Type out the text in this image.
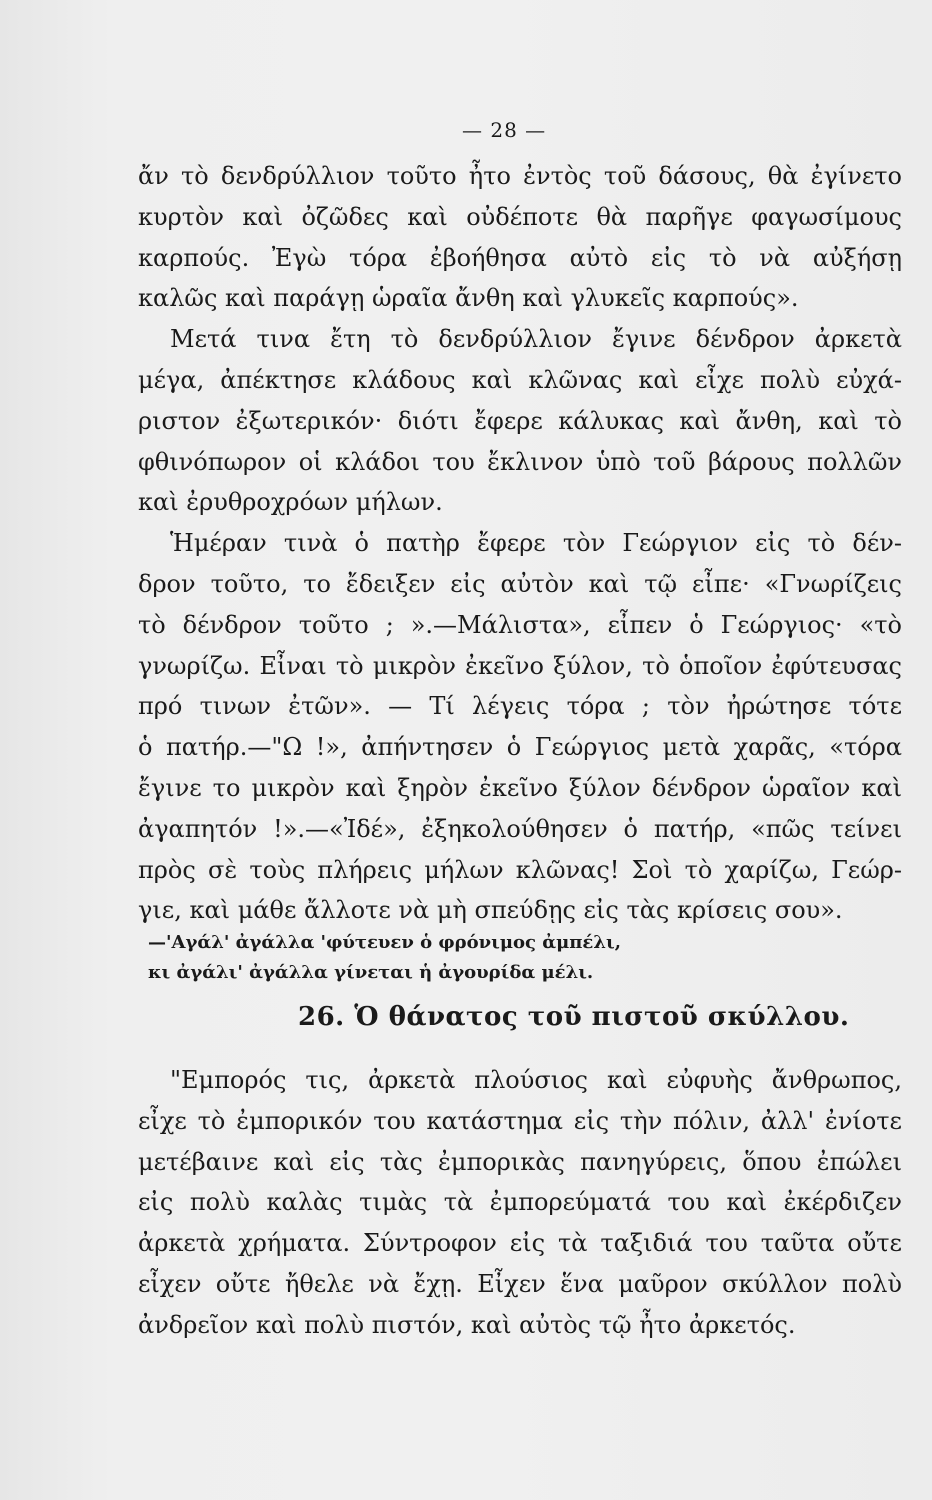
— 28 —
ἄν τὸ δενδρύλλιον τοῦτο ἦτο ἐντὸς τοῦ δάσους, θὰ ἐγίνετο
κυρτὸν καὶ ὀζῶδες καὶ οὐδέποτε θὰ παρῆγε φαγωσίμους
καρπούς. Ἐγὼ τόρα ἐβοήθησα αὐτὸ εἰς τὸ νὰ αὐξήσῃ
καλῶς καὶ παράγῃ ὡραῖα ἄνθη καὶ γλυκεῖς καρπούς».
Μετά τινα ἔτη τὸ δενδρύλλιον ἔγινε δένδρον ἀρκετὰ
μέγα, ἀπέκτησε κλάδους καὶ κλῶνας καὶ εἶχε πολὺ εὐχά-
ριστον ἐξωτερικόν· διότι ἔφερε κάλυκας καὶ ἄνθη, καὶ τὸ
φθινόπωρον οἱ κλάδοι του ἔκλινον ὑπὸ τοῦ βάρους πολλῶν
καὶ ἐρυθροχρόων μήλων.
Ἡμέραν τινὰ ὁ πατὴρ ἔφερε τὸν Γεώργιον εἰς τὸ δέν-
δρον τοῦτο, το ἔδειξεν εἰς αὐτὸν καὶ τῷ εἶπε· «Γνωρίζεις
τὸ δένδρον τοῦτο ; ».—Μάλιστα», εἶπεν ὁ Γεώργιος· «τὸ
γνωρίζω. Εἶναι τὸ μικρὸν ἐκεῖνο ξύλον, τὸ ὁποῖον ἐφύτευσας
πρό τινων ἐτῶν». — Τί λέγεις τόρα ; τὸν ἠρώτησε τότε
ὁ πατήρ.—"Ω !», ἀπήντησεν ὁ Γεώργιος μετὰ χαρᾶς, «τόρα
ἔγινε το μικρὸν καὶ ξηρὸν ἐκεῖνο ξύλον δένδρον ὡραῖον καὶ
ἀγαπητόν !».—«Ἰδέ», ἐξηκολούθησεν ὁ πατήρ, «πῶς τείνει
πρὸς σὲ τοὺς πλήρεις μήλων κλῶνας! Σοὶ τὸ χαρίζω, Γεώρ-
γιε, καὶ μάθε ἄλλοτε νὰ μὴ σπεύδῃς εἰς τὰς κρίσεις σου».
—'Αγάλ' ἀγάλλα 'φύτευεν ὁ φρόνιμος ἀμπέλι,
κι ἀγάλι' ἀγάλλα γίνεται ἡ ἀγουρίδα μέλι.
26. Ὁ θάνατος τοῦ πιστοῦ σκύλλου.
"Εμπορός τις, ἀρκετὰ πλούσιος καὶ εὐφυὴς ἄνθρωπος,
εἶχε τὸ ἐμπορικόν του κατάστημα εἰς τὴν πόλιν, ἀλλ' ἐνίοτε
μετέβαινε καὶ εἰς τὰς ἐμπορικὰς πανηγύρεις, ὅπου ἐπώλει
εἰς πολὺ καλὰς τιμὰς τὰ ἐμπορεύματά του καὶ ἐκέρδιζεν
ἀρκετὰ χρήματα. Σύντροφον εἰς τὰ ταξιδιά του ταῦτα οὔτε
εἶχεν οὔτε ἤθελε νὰ ἔχῃ. Εἶχεν ἕνα μαῦρον σκύλλον πολὺ
ἀνδρεῖον καὶ πολὺ πιστόν, καὶ αὐτὸς τῷ ἦτο ἀρκετός.
